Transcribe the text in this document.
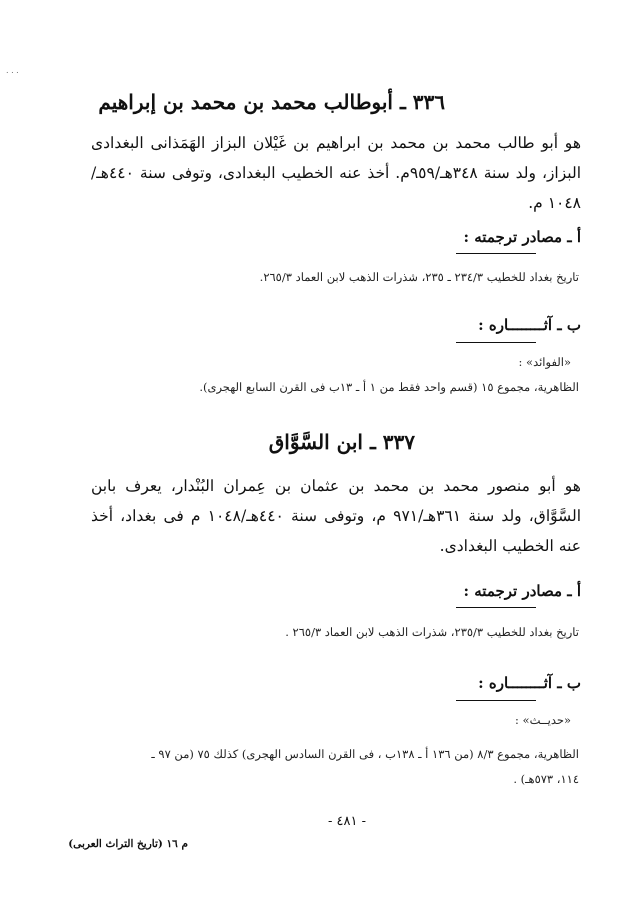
. . .
٣٣٦ ـ أبوطالب محمد بن محمد بن إبراهيم
هو أبو طالب محمد بن محمد بن ابراهيم بن غَيْلان البزاز الهَمَذانى البغدادى البزاز، ولد سنة ٣٤٨هـ/٩٥٩م. أخذ عنه الخطيب البغدادى، وتوفى سنة ٤٤٠هـ/١٠٤٨ م.
أ ـ مصادر ترجمته :
تاريخ بغداد للخطيب ٢٣٤/٣ ـ ٢٣٥، شذرات الذهب لابن العماد ٢٦٥/٣.
ب ـ آثــــــــاره :
«الفوائد» :
الظاهرية، مجموع ١٥ (قسم واحد فقط من ١ أ ـ ١٣ب فى القرن السابع الهجرى).
٣٣٧ ـ ابن السَّوَّاق
هو أبو منصور محمد بن محمد بن عثمان بن عِمران البُنْدار، يعرف بابن السَّوَّاق، ولد سنة ٣٦١هـ/٩٧١ م، وتوفى سنة ٤٤٠هـ/١٠٤٨ م فى بغداد، أخذ عنه الخطيب البغدادى.
أ ـ مصادر ترجمته :
تاريخ بغداد للخطيب ٢٣٥/٣، شذرات الذهب لابن العماد ٢٦٥/٣ .
ب ـ آثــــــــاره :
«حديــث» :
الظاهرية، مجموع ٨/٣ (من ١٣٦ أ ـ ١٣٨ب ، فى القرن السادس الهجرى) كذلك ٧٥ (من ٩٧ ـ
١١٤، ٥٧٣هـ) .
- ٤٨١ -
م ١٦ (تاريخ التراث العربى)
